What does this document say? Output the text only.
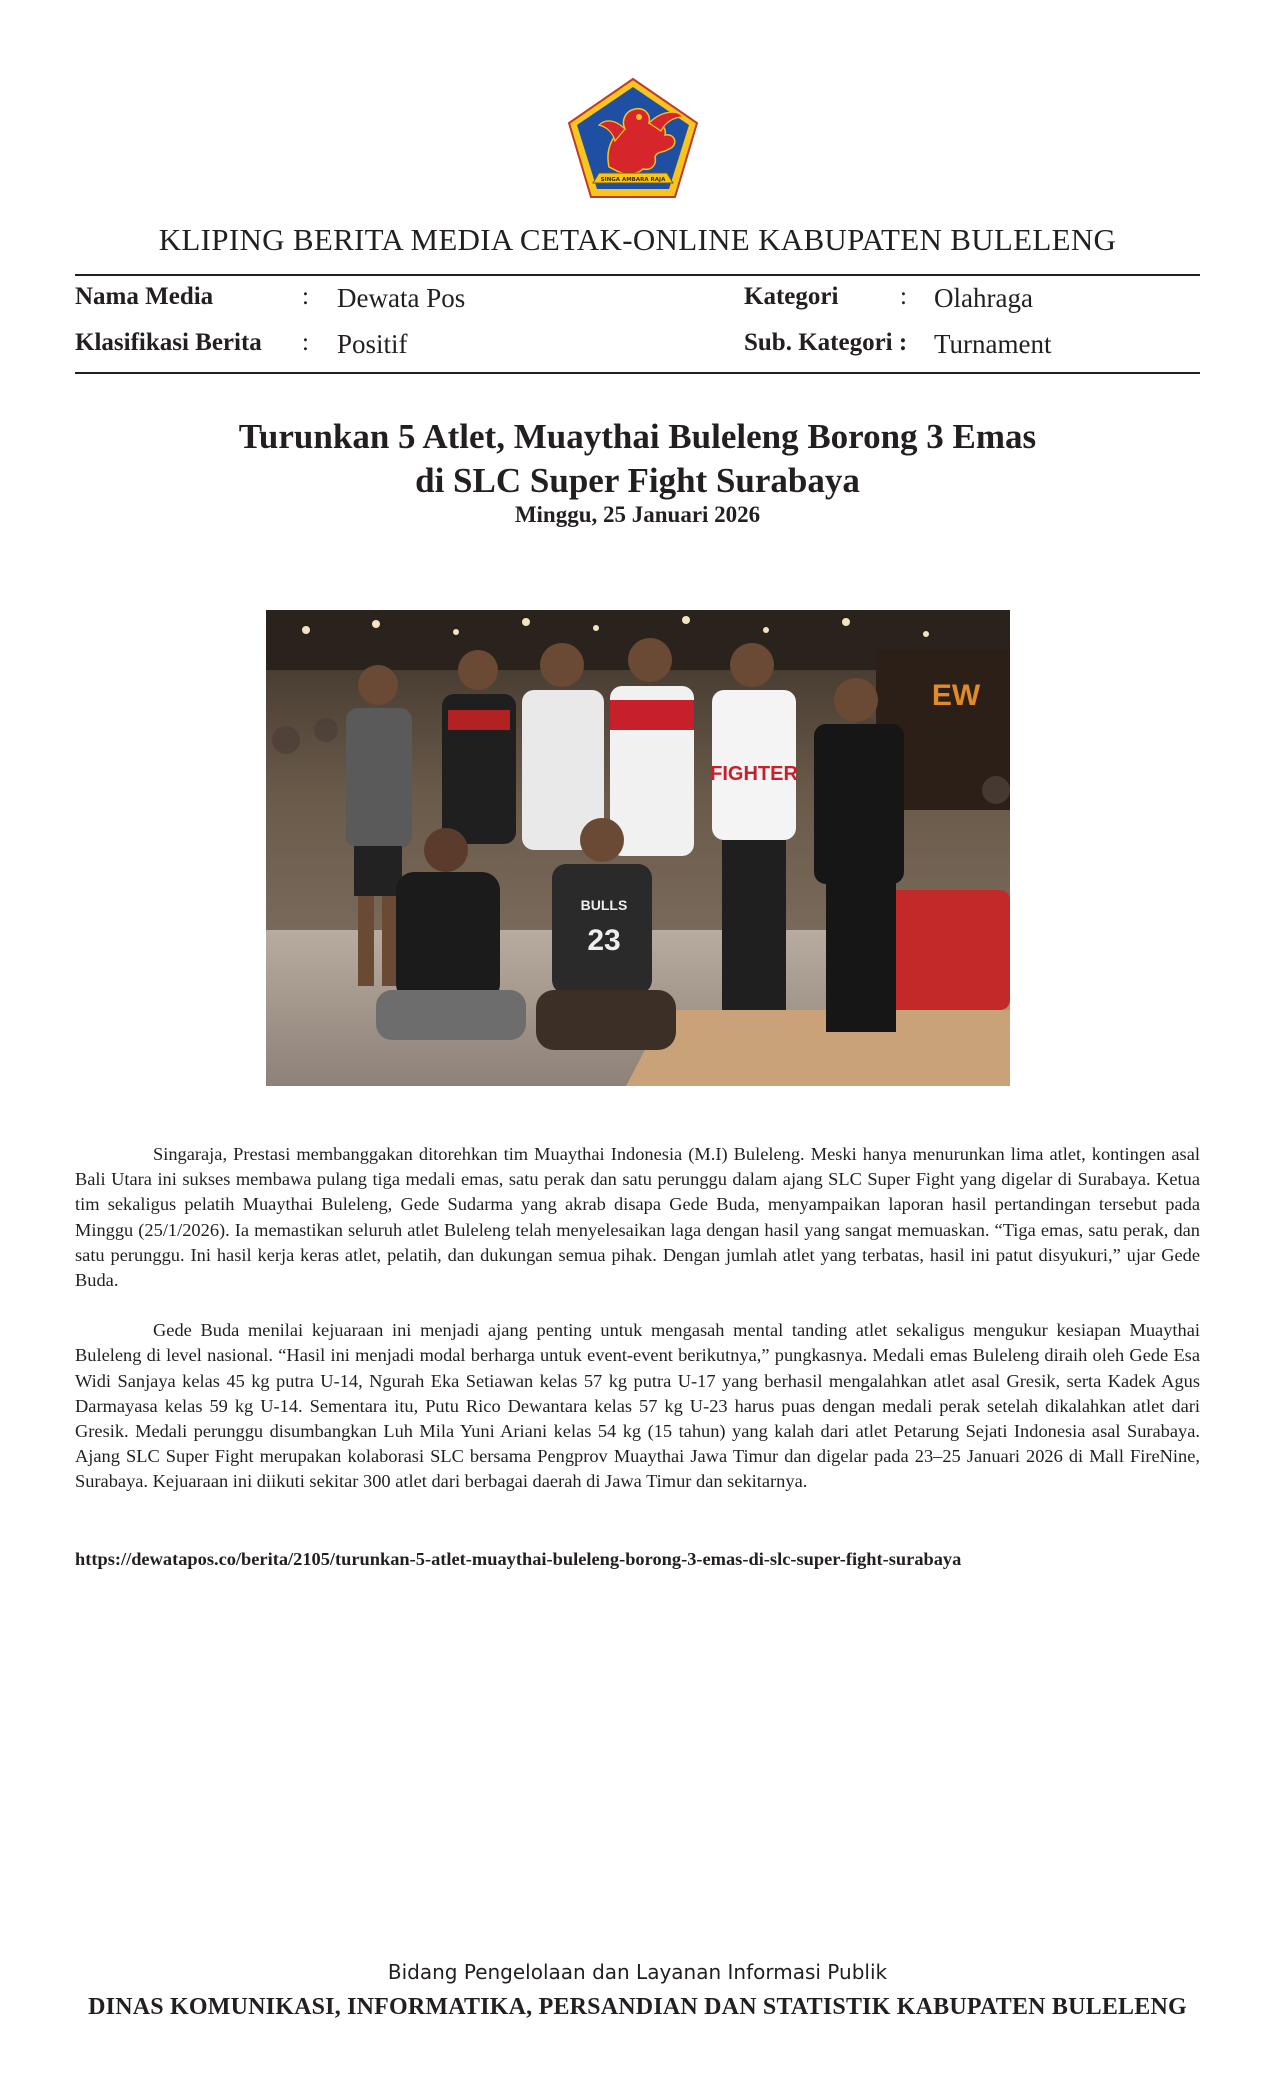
SINGA AMBARA RAJA
KLIPING BERITA MEDIA CETAK-ONLINE KABUPATEN BULELENG
Nama Media	: Dewata Pos	Kategori : Olahraga
Klasifikasi Berita : Positif	Sub. Kategori : Turnament
Turunkan 5 Atlet, Muaythai Buleleng Borong 3 Emas
di SLC Super Fight Surabaya
Minggu, 25 Januari 2026
EW
FIGHTER
BULLS
23

Singaraja, Prestasi membanggakan ditorehkan tim Muaythai Indonesia (M.I) Buleleng. Meski hanya menurunkan lima atlet, kontingen asal Bali Utara ini sukses membawa pulang tiga medali emas, satu perak dan satu perunggu dalam ajang SLC Super Fight yang digelar di Surabaya. Ketua tim sekaligus pelatih Muaythai Buleleng, Gede Sudarma yang akrab disapa Gede Buda, menyampaikan laporan hasil pertandingan tersebut pada Minggu (25/1/2026). Ia memastikan seluruh atlet Buleleng telah menyelesaikan laga dengan hasil yang sangat memuaskan. “Tiga emas, satu perak, dan satu perunggu. Ini hasil kerja keras atlet, pelatih, dan dukungan semua pihak. Dengan jumlah atlet yang terbatas, hasil ini patut disyukuri,” ujar Gede Buda.

Gede Buda menilai kejuaraan ini menjadi ajang penting untuk mengasah mental tanding atlet sekaligus mengukur kesiapan Muaythai Buleleng di level nasional. “Hasil ini menjadi modal berharga untuk event-event berikutnya,” pungkasnya. Medali emas Buleleng diraih oleh Gede Esa Widi Sanjaya kelas 45 kg putra U-14, Ngurah Eka Setiawan kelas 57 kg putra U-17 yang berhasil mengalahkan atlet asal Gresik, serta Kadek Agus Darmayasa kelas 59 kg U-14. Sementara itu, Putu Rico Dewantara kelas 57 kg U-23 harus puas dengan medali perak setelah dikalahkan atlet dari Gresik. Medali perunggu disumbangkan Luh Mila Yuni Ariani kelas 54 kg (15 tahun) yang kalah dari atlet Petarung Sejati Indonesia asal Surabaya. Ajang SLC Super Fight merupakan kolaborasi SLC bersama Pengprov Muaythai Jawa Timur dan digelar pada 23–25 Januari 2026 di Mall FireNine, Surabaya. Kejuaraan ini diikuti sekitar 300 atlet dari berbagai daerah di Jawa Timur dan sekitarnya.

https://dewatapos.co/berita/2105/turunkan-5-atlet-muaythai-buleleng-borong-3-emas-di-slc-super-fight-surabaya
Bidang Pengelolaan dan Layanan Informasi Publik
DINAS KOMUNIKASI, INFORMATIKA, PERSANDIAN DAN STATISTIK KABUPATEN BULELENG
